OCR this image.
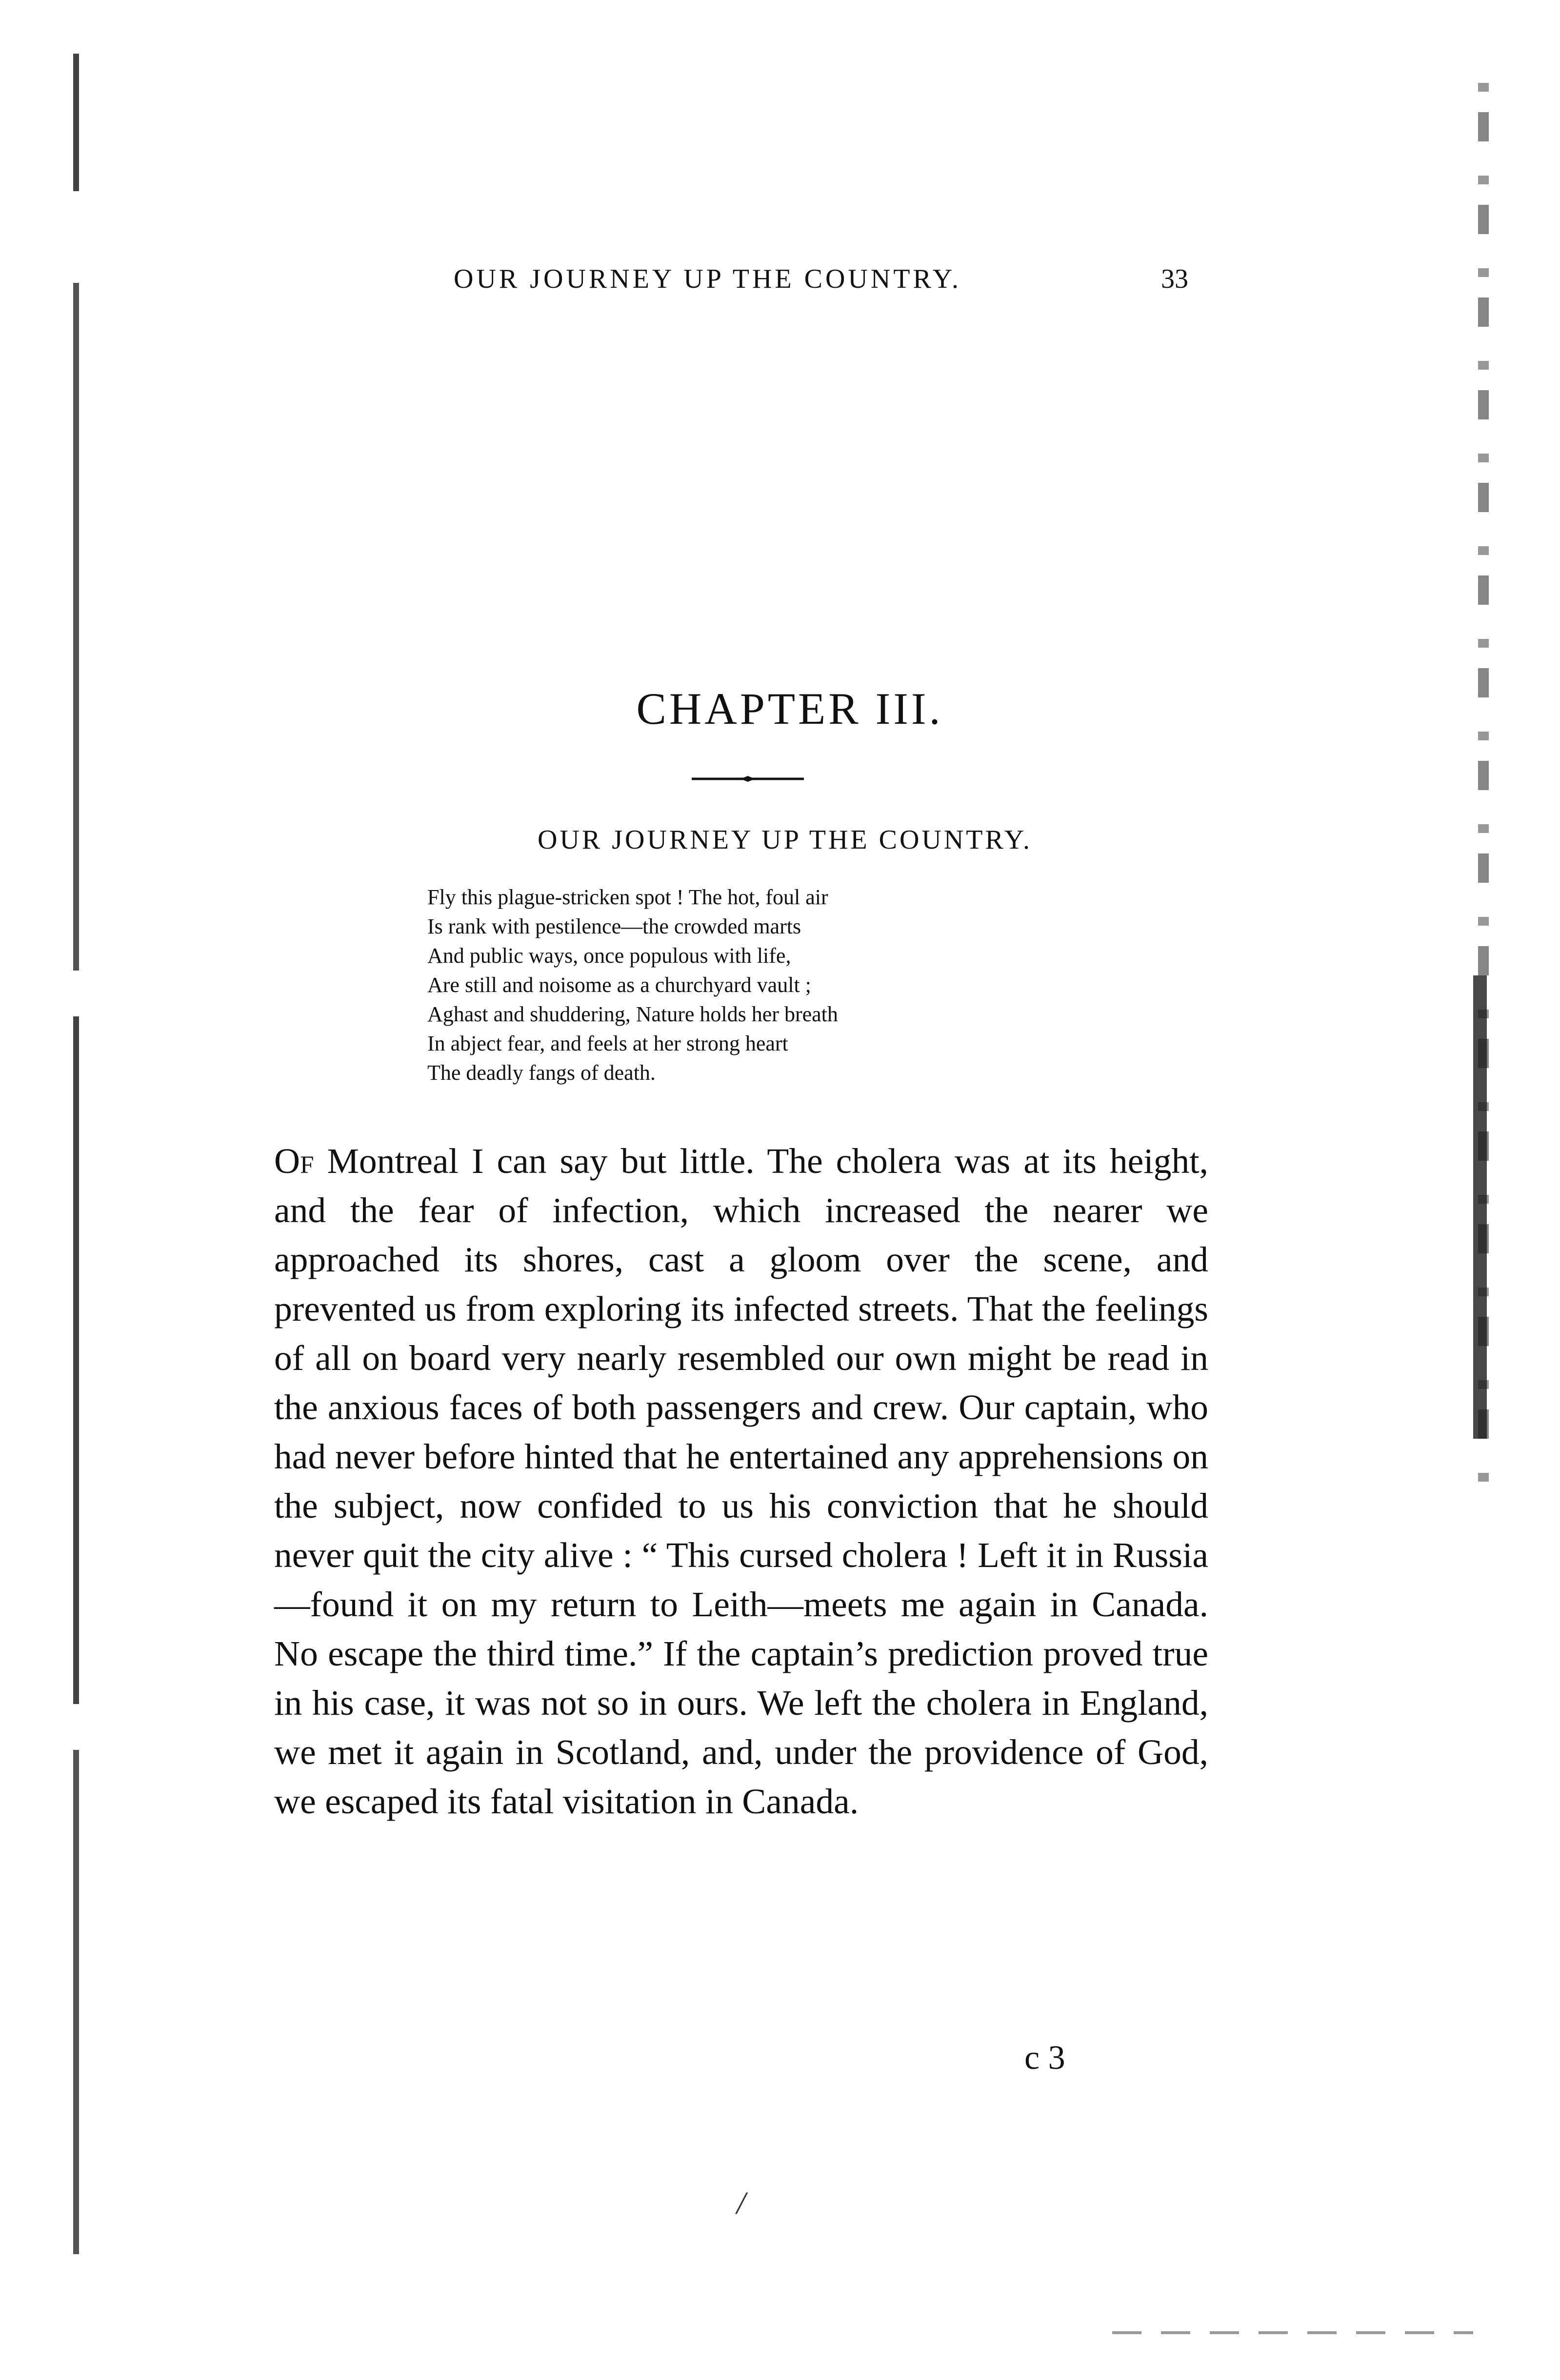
OUR JOURNEY UP THE COUNTRY.	33
CHAPTER III.
OUR JOURNEY UP THE COUNTRY.
Fly this plague-stricken spot ! The hot, foul air
Is rank with pestilence—the crowded marts
And public ways, once populous with life,
Are still and noisome as a churchyard vault ;
Aghast and shuddering, Nature holds her breath
In abject fear, and feels at her strong heart
The deadly fangs of death.

Of Montreal I can say but little. The cholera was at its height, and the fear of infection, which increased the nearer we approached its shores, cast a gloom over the scene, and prevented us from exploring its infected streets. That the feelings of all on board very nearly resembled our own might be read in the anxious faces of both passengers and crew. Our captain, who had never before hinted that he entertained any apprehensions on the subject, now confided to us his conviction that he should never quit the city alive : “ This cursed cholera ! Left it in Russia—found it on my return to Leith—meets me again in Canada. No escape the third time.” If the captain’s prediction proved true in his case, it was not so in ours. We left the cholera in England, we met it again in Scotland, and, under the providence of God, we escaped its fatal visitation in Canada.

c 3
/
